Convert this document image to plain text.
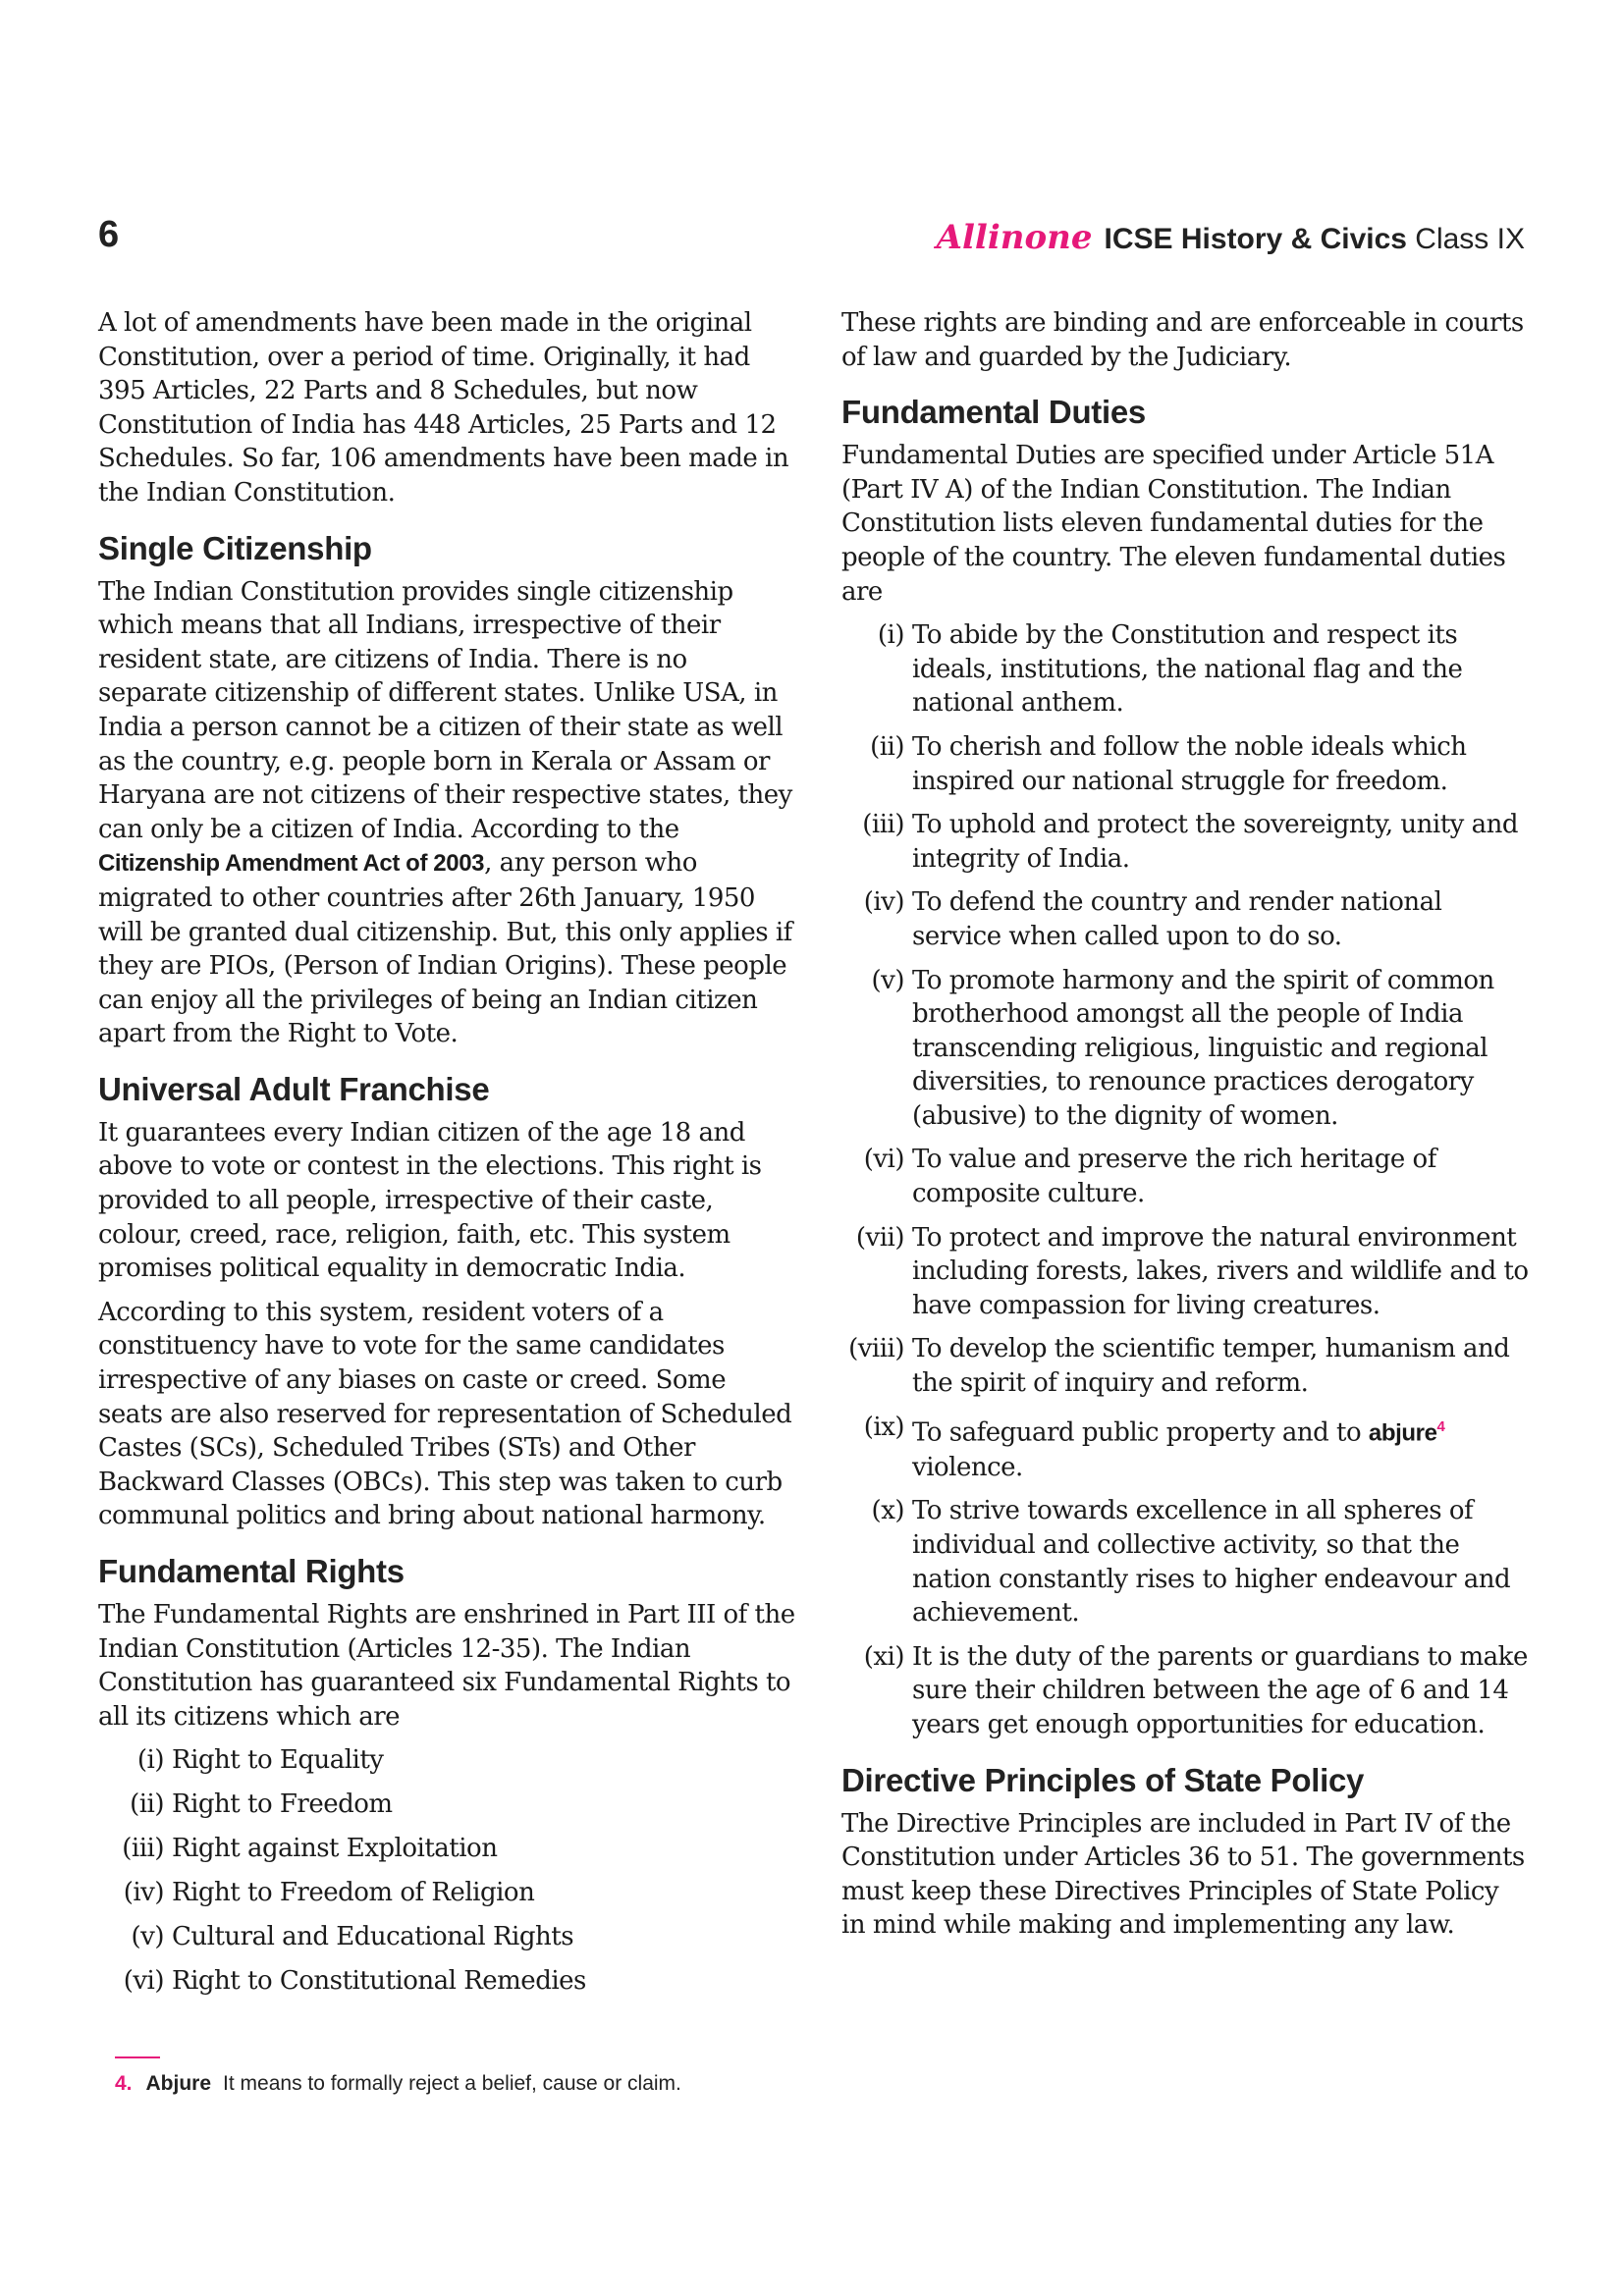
6	Allinone ICSE History & Civics Class IX

A lot of amendments have been made in the original Constitution, over a period of time. Originally, it had 395 Articles, 22 Parts and 8 Schedules, but now Constitution of India has 448 Articles, 25 Parts and 12 Schedules. So far, 106 amendments have been made in the Indian Constitution.

Single Citizenship

The Indian Constitution provides single citizenship which means that all Indians, irrespective of their resident state, are citizens of India. There is no separate citizenship of different states. Unlike USA, in India a person cannot be a citizen of their state as well as the country, e.g. people born in Kerala or Assam or Haryana are not citizens of their respective states, they can only be a citizen of India. According to the Citizenship Amendment Act of 2003, any person who migrated to other countries after 26th January, 1950 will be granted dual citizenship. But, this only applies if they are PIOs, (Person of Indian Origins). These people can enjoy all the privileges of being an Indian citizen apart from the Right to Vote.

Universal Adult Franchise

It guarantees every Indian citizen of the age 18 and above to vote or contest in the elections. This right is provided to all people, irrespective of their caste, colour, creed, race, religion, faith, etc. This system promises political equality in democratic India.

According to this system, resident voters of a constituency have to vote for the same candidates irrespective of any biases on caste or creed. Some seats are also reserved for representation of Scheduled Castes (SCs), Scheduled Tribes (STs) and Other Backward Classes (OBCs). This step was taken to curb communal politics and bring about national harmony.

Fundamental Rights

The Fundamental Rights are enshrined in Part III of the Indian Constitution (Articles 12-35). The Indian Constitution has guaranteed six Fundamental Rights to all its citizens which are

(i) Right to Equality
(ii) Right to Freedom
(iii) Right against Exploitation
(iv) Right to Freedom of Religion
(v) Cultural and Educational Rights
(vi) Right to Constitutional Remedies

These rights are binding and are enforceable in courts of law and guarded by the Judiciary.

Fundamental Duties

Fundamental Duties are specified under Article 51A (Part IV A) of the Indian Constitution. The Indian Constitution lists eleven fundamental duties for the people of the country. The eleven fundamental duties are

(i) To abide by the Constitution and respect its ideals, institutions, the national flag and the national anthem.
(ii) To cherish and follow the noble ideals which inspired our national struggle for freedom.
(iii) To uphold and protect the sovereignty, unity and integrity of India.
(iv) To defend the country and render national service when called upon to do so.
(v) To promote harmony and the spirit of common brotherhood amongst all the people of India transcending religious, linguistic and regional diversities, to renounce practices derogatory (abusive) to the dignity of women.
(vi) To value and preserve the rich heritage of composite culture.
(vii) To protect and improve the natural environment including forests, lakes, rivers and wildlife and to have compassion for living creatures.
(viii) To develop the scientific temper, humanism and the spirit of inquiry and reform.
(ix) To safeguard public property and to abjure$^4$ violence.
(x) To strive towards excellence in all spheres of individual and collective activity, so that the nation constantly rises to higher endeavour and achievement.
(xi) It is the duty of the parents or guardians to make sure their children between the age of 6 and 14 years get enough opportunities for education.
Directive Principles of State Policy

The Directive Principles are included in Part IV of the Constitution under Articles 36 to 51. The governments must keep these Directives Principles of State Policy in mind while making and implementing any law.

4. Abjure It means to formally reject a belief, cause or claim.
